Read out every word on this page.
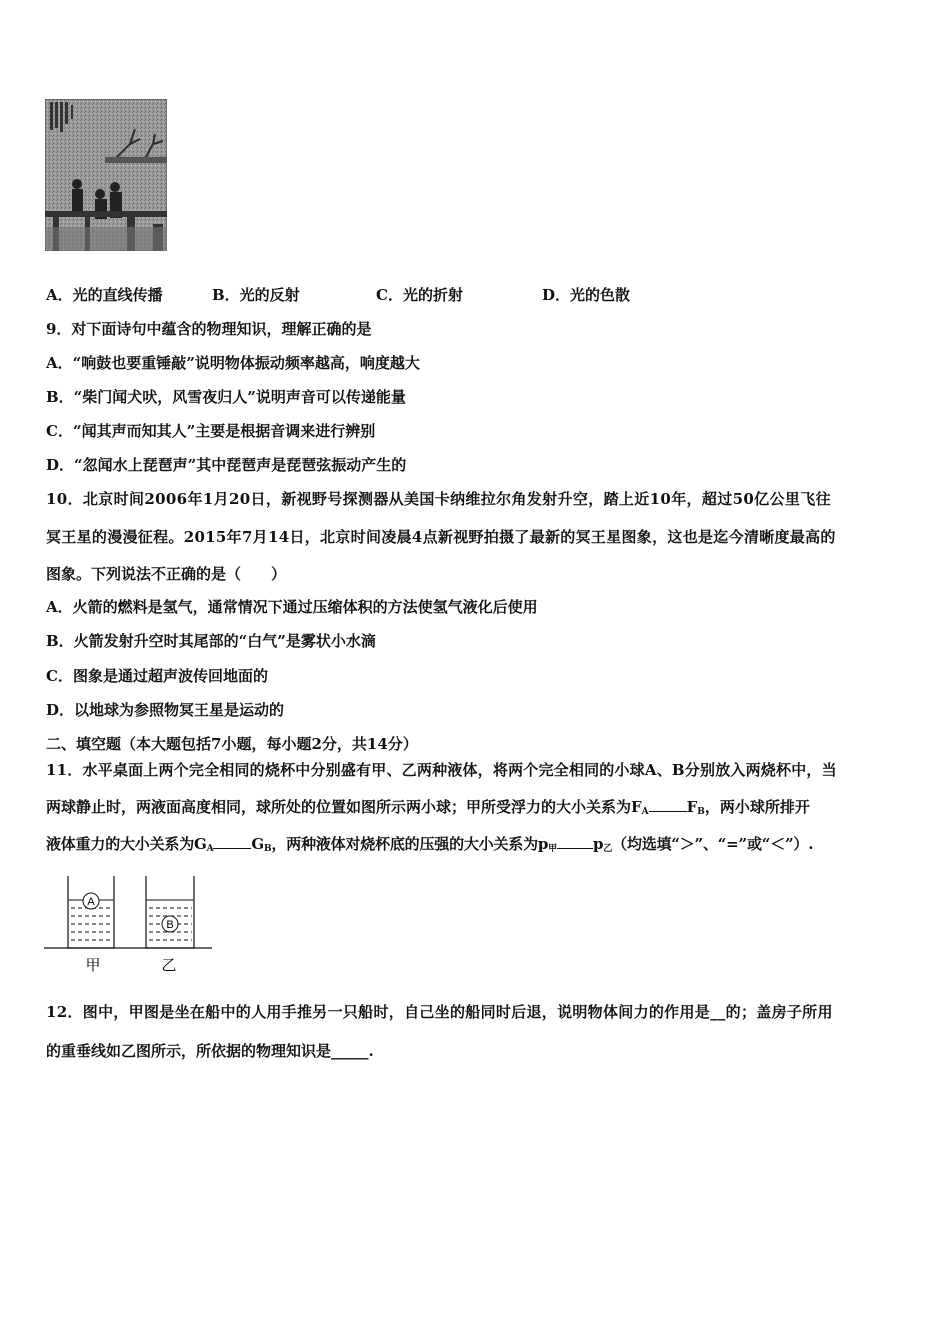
A．光的直线传播	B．光的反射	C．光的折射	D．光的色散
9．对下面诗句中蕴含的物理知识，理解正确的是
A．“响鼓也要重锤敲”说明物体振动频率越高，响度越大
B．“柴门闻犬吠，风雪夜归人”说明声音可以传递能量
C．“闻其声而知其人”主要是根据音调来进行辨别
D．“忽闻水上琵琶声”其中琵琶声是琵琶弦振动产生的
10．北京时间2006年1月20日，新视野号探测器从美国卡纳维拉尔角发射升空，踏上近10年，超过50亿公里飞往
冥王星的漫漫征程。2015年7月14日，北京时间凌晨4点新视野拍摄了最新的冥王星图象，这也是迄今清晰度最高的
图象。下列说法不正确的是（　　）
A．火箭的燃料是氢气，通常情况下通过压缩体积的方法使氢气液化后使用
B．火箭发射升空时其尾部的“白气”是雾状小水滴
C．图象是通过超声波传回地面的
D．以地球为参照物冥王星是运动的
二、填空题（本大题包括7小题，每小题2分，共14分）
11．水平桌面上两个完全相同的烧杯中分别盛有甲、乙两种液体，将两个完全相同的小球A、B分别放入两烧杯中，当
两球静止时，两液面高度相同，球所处的位置如图所示两小球；甲所受浮力的大小关系为$F_A$	$F_B$，两小球所排开
液体重力的大小关系为$G_A$	$G_B$，两种液体对烧杯底的压强的大小关系为$p_甲$ $p_乙$（均选填“＞”、“=”或“＜”）.
A
B
甲	乙
12．图中，甲图是坐在船中的人用手推另一只船时，自己坐的船同时后退，说明物体间力的作用是__的；盖房子所用
的重垂线如乙图所示，所依据的物理知识是_____.
